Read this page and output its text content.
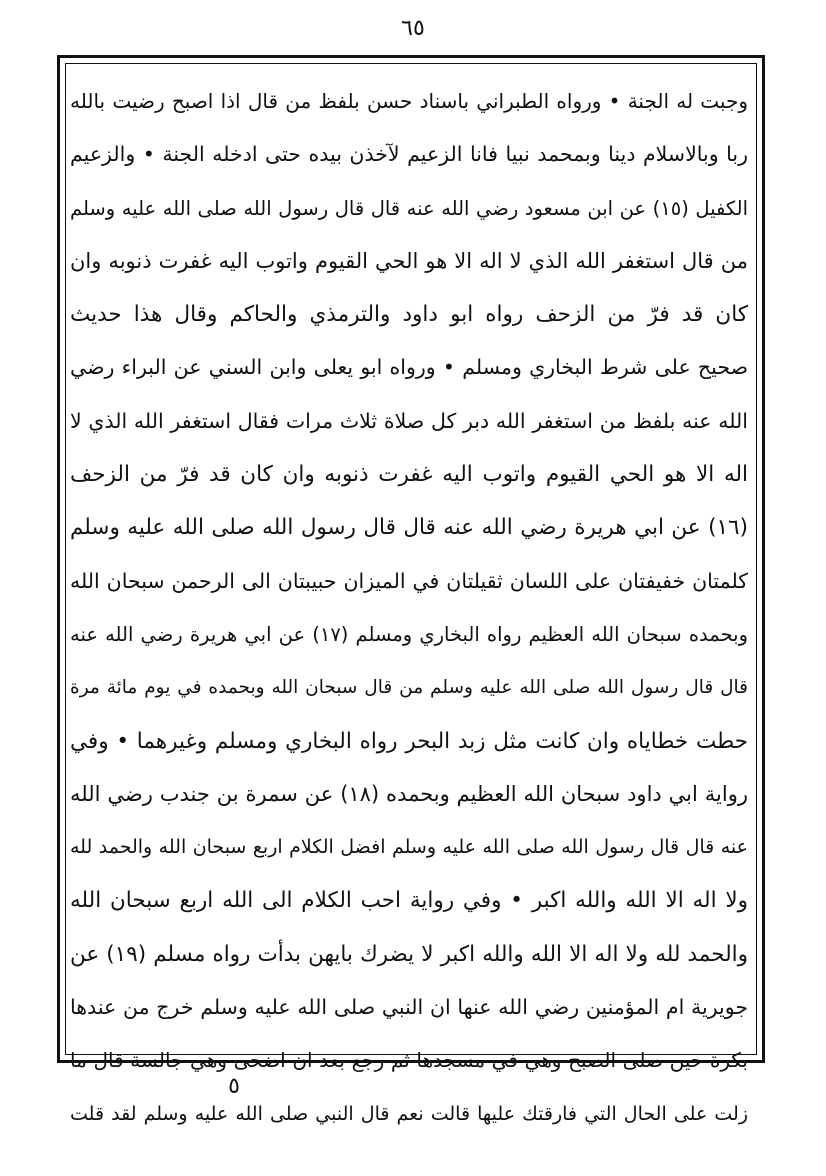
٦٥
وجبت له الجنة • ورواه الطبراني باسناد حسن بلفظ من قال اذا اصبح رضيت بالله
ربا وبالاسلام دينا وبمحمد نبيا فانا الزعيم لآخذن بيده حتى ادخله الجنة • والزعيم
الكفيل (١٥) عن ابن مسعود رضي الله عنه قال قال رسول الله صلى الله عليه وسلم
من قال استغفر الله الذي لا اله الا هو الحي القيوم واتوب اليه غفرت ذنوبه وان
كان قد فرّ من الزحف رواه ابو داود والترمذي والحاكم وقال هذا حديث
صحيح على شرط البخاري ومسلم • ورواه ابو يعلى وابن السني عن البراء رضي
الله عنه بلفظ من استغفر الله دبر كل صلاة ثلاث مرات فقال استغفر الله الذي لا
اله الا هو الحي القيوم واتوب اليه غفرت ذنوبه وان كان قد فرّ من الزحف
(١٦) عن ابي هريرة رضي الله عنه قال قال رسول الله صلى الله عليه وسلم
كلمتان خفيفتان على اللسان ثقيلتان في الميزان حبيبتان الى الرحمن سبحان الله
وبحمده سبحان الله العظيم رواه البخاري ومسلم (١٧) عن ابي هريرة رضي الله عنه
قال قال رسول الله صلى الله عليه وسلم من قال سبحان الله وبحمده في يوم مائة مرة
حطت خطاياه وان كانت مثل زبد البحر رواه البخاري ومسلم وغيرهما • وفي
رواية ابي داود سبحان الله العظيم وبحمده (١٨) عن سمرة بن جندب رضي الله
عنه قال قال رسول الله صلى الله عليه وسلم افضل الكلام اربع سبحان الله والحمد لله
ولا اله الا الله والله اكبر • وفي رواية احب الكلام الى الله اربع سبحان الله
والحمد لله ولا اله الا الله والله اكبر لا يضرك بايهن بدأت رواه مسلم (١٩) عن
جويرية ام المؤمنين رضي الله عنها ان النبي صلى الله عليه وسلم خرج من عندها
بكرة حين صلى الصبح وهي في مسجدها ثم رجع بعد ان اضحى وهي جالسة قال ما
زلت على الحال التي فارقتك عليها قالت نعم قال النبي صلى الله عليه وسلم لقد قلت
٥
